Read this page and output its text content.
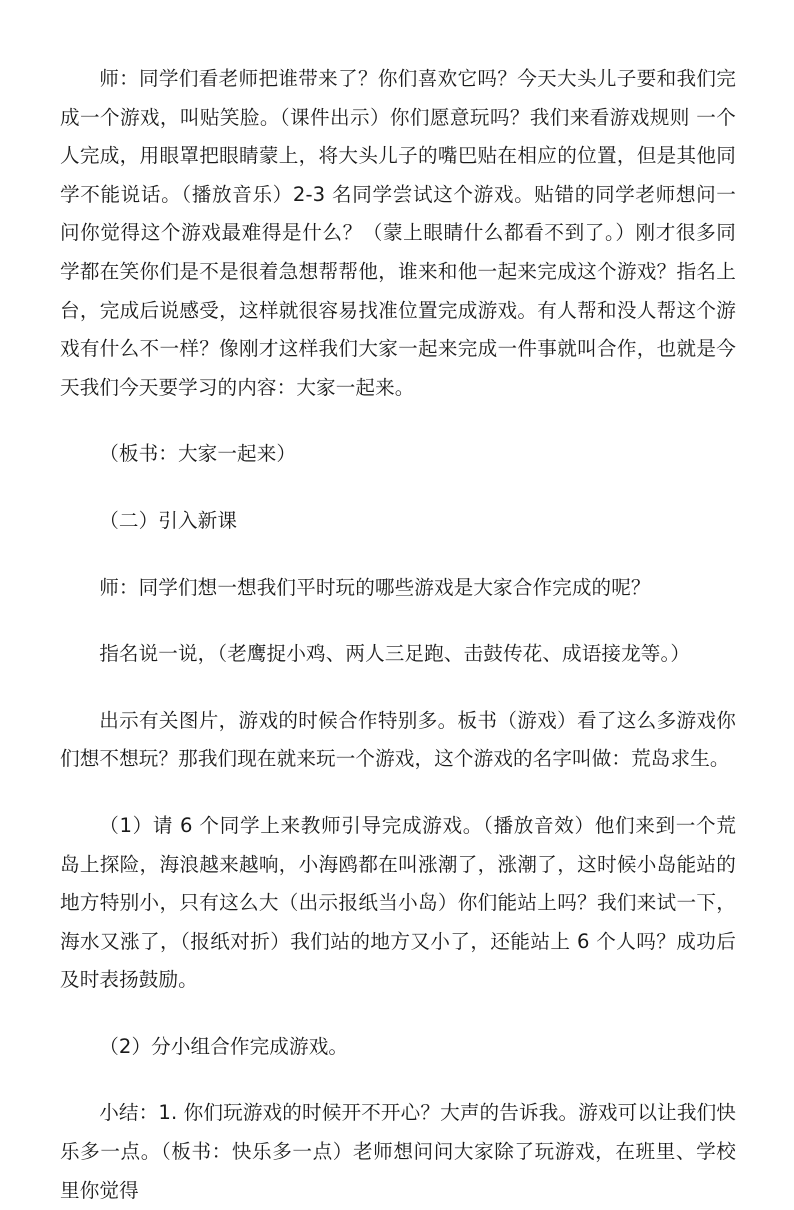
师：同学们看老师把谁带来了？你们喜欢它吗？今天大头儿子要和我们完成一个游戏，叫贴笑脸。（课件出示）你们愿意玩吗？我们来看游戏规则 一个人完成，用眼罩把眼睛蒙上，将大头儿子的嘴巴贴在相应的位置，但是其他同学不能说话。（播放音乐）2-3 名同学尝试这个游戏。贴错的同学老师想问一问你觉得这个游戏最难得是什么？（蒙上眼睛什么都看不到了。）刚才很多同学都在笑你们是不是很着急想帮帮他，谁来和他一起来完成这个游戏？指名上台，完成后说感受，这样就很容易找准位置完成游戏。有人帮和没人帮这个游戏有什么不一样？像刚才这样我们大家一起来完成一件事就叫合作，也就是今天我们今天要学习的内容：大家一起来。

（板书：大家一起来）

（二）引入新课

师：同学们想一想我们平时玩的哪些游戏是大家合作完成的呢？

指名说一说，（老鹰捉小鸡、两人三足跑、击鼓传花、成语接龙等。）

出示有关图片，游戏的时候合作特别多。板书（游戏）看了这么多游戏你们想不想玩？那我们现在就来玩一个游戏，这个游戏的名字叫做：荒岛求生。

（1）请 6 个同学上来教师引导完成游戏。（播放音效）他们来到一个荒岛上探险，海浪越来越响，小海鸥都在叫涨潮了，涨潮了，这时候小岛能站的地方特别小，只有这么大（出示报纸当小岛）你们能站上吗？我们来试一下，海水又涨了，（报纸对折）我们站的地方又小了，还能站上 6 个人吗？成功后及时表扬鼓励。

（2）分小组合作完成游戏。

小结：1. 你们玩游戏的时候开不开心？大声的告诉我。游戏可以让我们快乐多一点。（板书：快乐多一点）老师想问问大家除了玩游戏，在班里、学校里你觉得
